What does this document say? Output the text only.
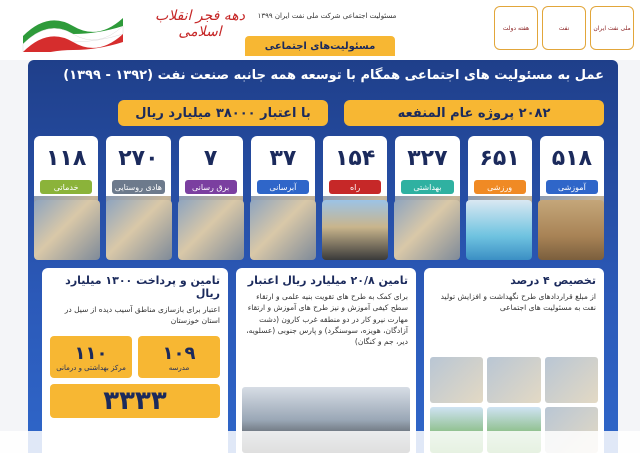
دهه فجر انقلاب اسلامی
مسئولیت اجتماعی شرکت ملی نفت ایران ۱۳۹۹
مسئولیت‌های اجتماعی
هفته دولت	نفت	ملی نفت ایران
عمل به مسئولیت های اجتماعی همگام با توسعه همه جانبه صنعت نفت (۱۳۹۲ - ۱۳۹۹)
۲۰۸۲ پروژه عام المنفعه
با اعتبار ۳۸۰۰۰ میلیارد ریال
۵۱۸
آموزشی
۶۵۱
ورزشی
۳۲۷
بهداشتی
۱۵۴
راه
۳۷
آبرسانی
۷
برق رسانی
۲۷۰
هادی روستایی
۱۱۸
خدماتی
تخصیص ۴ درصد
از مبلغ قراردادهای طرح نگهداشت و افزایش تولید نفت به مسئولیت های اجتماعی
تامین ۲۰/۸ میلیارد ریال اعتبار
برای کمک به طرح های تقویت بنیه علمی و ارتقاء سطح کیفی آموزش و نیز طرح های آموزش و ارتقاء مهارت نیرو کار در دو منطقه غرب کارون (دشت آزادگان، هویزه، سوسنگرد) و پارس جنوبی (عسلویه، دیر، جم و کنگان)
تامین و پرداخت ۱۳۰۰ میلیارد ریال
اعتبار برای بازسازی مناطق آسیب دیده از سیل در استان خوزستان
۱۰۹
مدرسه
۱۱۰
مرکز بهداشتی و درمانی
۳۳۳۳
